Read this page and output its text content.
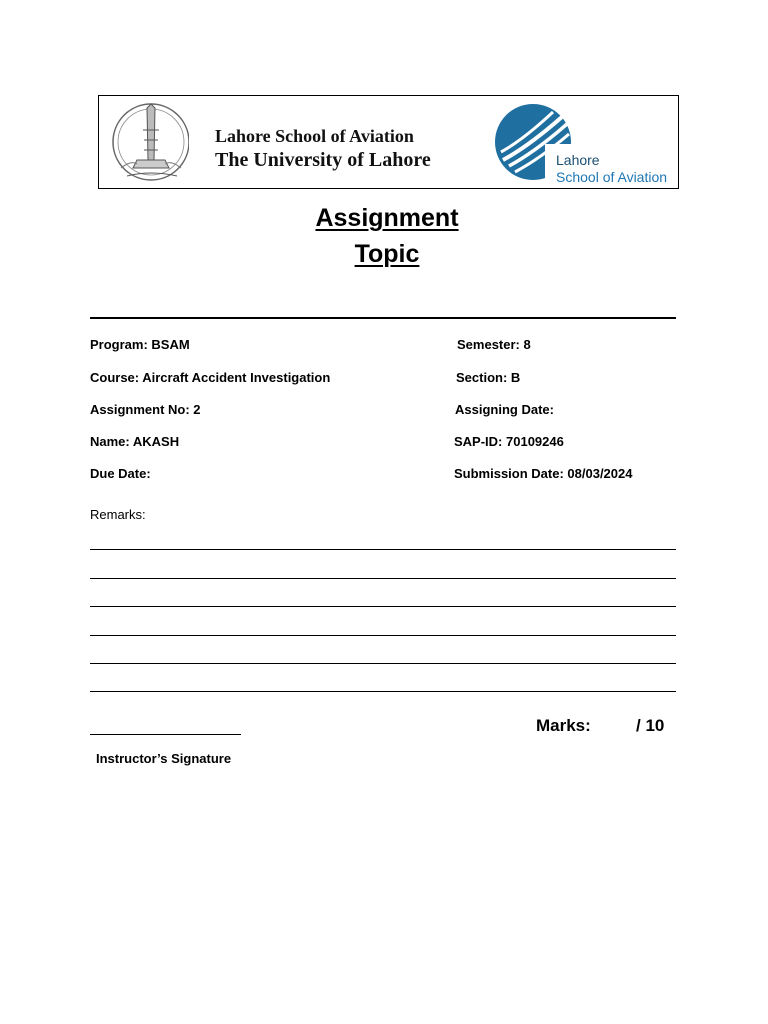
Lahore School of Aviation
The University of Lahore	Lahore
School of Aviation
Assignment
Topic
Program: BSAM	Semester: 8
Course: Aircraft Accident Investigation	Section: B
Assignment No: 2	Assigning Date:
Name: AKASH	SAP-ID: 70109246
Due Date:	Submission Date: 08/03/2024
Remarks:
Marks:	/ 10
Instructor’s Signature
